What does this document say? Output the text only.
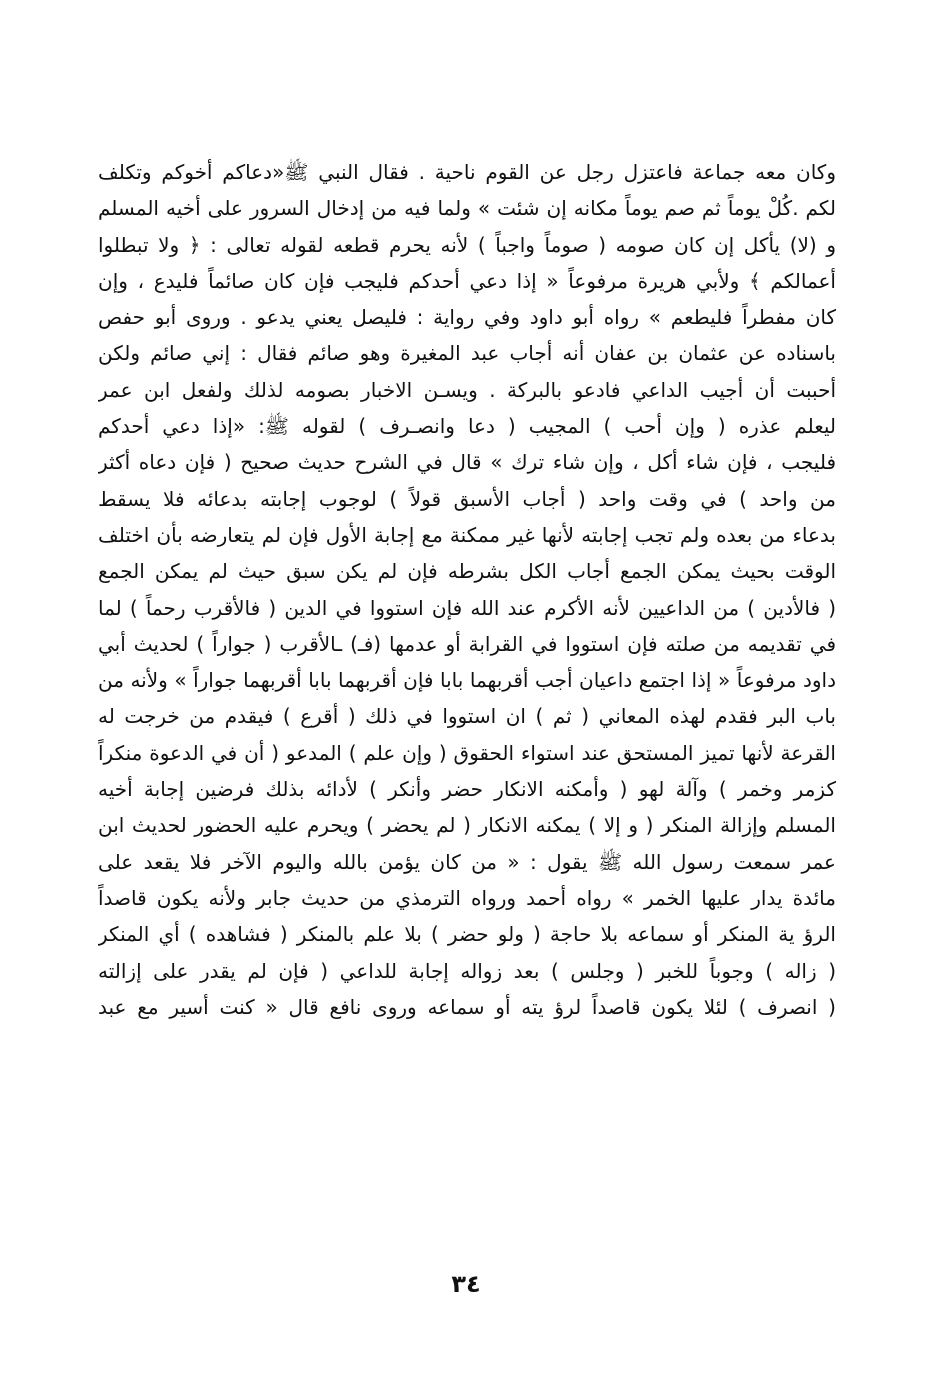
وكان معه جماعة فاعتزل رجل عن القوم ناحية . فقال النبي ﷺ«دعاكم أخوكم وتكلف
لكم .كُلْ يوماً ثم صم يوماً مكانه إن شئت » ولما فيه من إدخال السرور على أخيه المسلم
و (لا) يأكل إن كان صومه ( صوماً واجباً ) لأنه يحرم قطعه لقوله تعالى : ﴿ ولا تبطلوا
أعمالكم ﴾ ولأبي هريرة مرفوعاً « إذا دعي أحدكم فليجب فإن كان صائماً فليدع ، وإن
كان مفطراً فليطعم » رواه أبو داود وفي رواية : فليصل يعني يدعو . وروى أبو حفص
باسناده عن عثمان بن عفان أنه أجاب عبد المغيرة وهو صائم فقال : إني صائم ولكن
أحببت أن أجيب الداعي فادعو بالبركة . ويسـن الاخبار بصومه لذلك ولفعل ابن عمر
ليعلم عذره ( وإن أحب ) المجيب ( دعا وانصـرف ) لقوله ﷺ: «إذا دعي أحدكم
فليجب ، فإن شاء أكل ، وإن شاء ترك » قال في الشرح حديث صحيح ( فإن دعاه أكثر
من واحد ) في وقت واحد ( أجاب الأسبق قولاً ) لوجوب إجابته بدعائه فلا يسقط
بدعاء من بعده ولم تجب إجابته لأنها غير ممكنة مع إجابة الأول فإن لم يتعارضه بأن اختلف
الوقت بحيث يمكن الجمع أجاب الكل بشرطه فإن لم يكن سبق حيث لم يمكن الجمع
( فالأدين ) من الداعيين لأنه الأكرم عند الله فإن استووا في الدين ( فالأقرب رحماً ) لما
في تقديمه من صلته فإن استووا في القرابة أو عدمها (فـ) ـالأقرب ( جواراً ) لحديث أبي
داود مرفوعاً « إذا اجتمع داعيان أجب أقربهما بابا فإن أقربهما بابا أقربهما جواراً » ولأنه من
باب البر فقدم لهذه المعاني ( ثم ) ان استووا في ذلك ( أقرع ) فيقدم من خرجت له
القرعة لأنها تميز المستحق عند استواء الحقوق ( وإن علم ) المدعو ( أن في الدعوة منكراً
كزمر وخمر ) وآلة لهو ( وأمكنه الانكار حضر وأنكر ) لأدائه بذلك فرضين إجابة أخيه
المسلم وإزالة المنكر ( و إلا ) يمكنه الانكار ( لم يحضر ) ويحرم عليه الحضور لحديث ابن
عمر سمعت رسول الله ﷺ يقول : « من كان يؤمن بالله واليوم الآخر فلا يقعد على
مائدة يدار عليها الخمر » رواه أحمد ورواه الترمذي من حديث جابر ولأنه يكون قاصداً
الرؤ ية المنكر أو سماعه بلا حاجة ( ولو حضر ) بلا علم بالمنكر ( فشاهده ) أي المنكر
( زاله ) وجوباً للخبر ( وجلس ) بعد زواله إجابة للداعي ( فإن لم يقدر على إزالته
( انصرف ) لئلا يكون قاصداً لرؤ يته أو سماعه وروى نافع قال « كنت أسير مع عبد
٣٤
